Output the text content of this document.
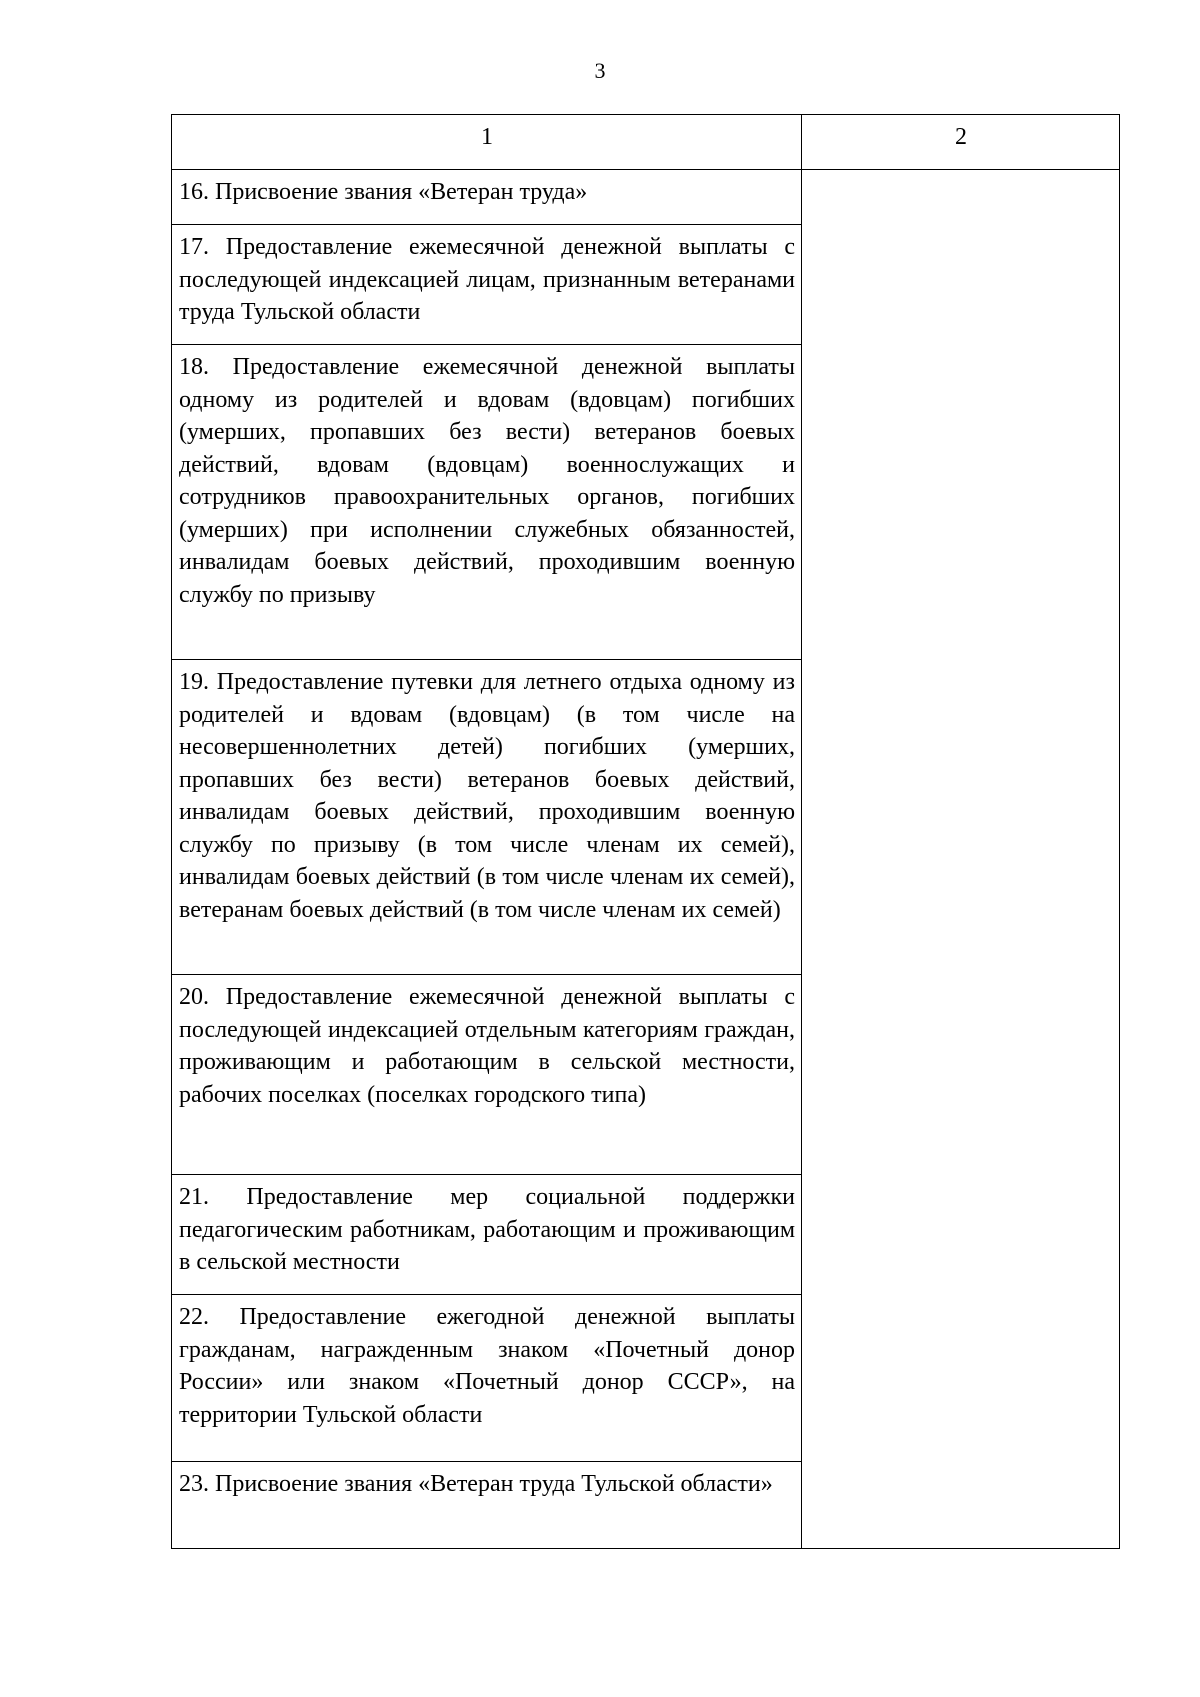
3
1	2

16. Присвоение звания «Ветеран труда»	

17. Предоставление ежемесячной денежной выплаты с последующей индексацией лицам, признанным ветеранами труда Тульской области	

18. Предоставление ежемесячной денежной выплаты одному из родителей и вдовам (вдовцам) погибших (умерших, пропавших без вести) ветеранов боевых действий, вдовам (вдовцам) военнослужащих и сотрудников правоохранительных органов, погибших (умерших) при исполнении служебных обязанностей, инвалидам боевых действий, проходившим военную службу по призыву	

19. Предоставление путевки для летнего отдыха одному из родителей и вдовам (вдовцам) (в том числе на несовершеннолетних детей) погибших (умерших, пропавших без вести) ветеранов боевых действий, инвалидам боевых действий, проходившим военную службу по призыву (в том числе членам их семей), инвалидам боевых действий (в том числе членам их семей), ветеранам боевых действий (в том числе членам их семей)	

20. Предоставление ежемесячной денежной выплаты с последующей индексацией отдельным категориям граждан, проживающим и работающим в сельской местности, рабочих поселках (поселках городского типа)	

21. Предоставление мер социальной поддержки педагогическим работникам, работающим и проживающим в сельской местности	

22. Предоставление ежегодной денежной выплаты гражданам, награжденным знаком «Почетный донор России» или знаком «Почетный донор СССР», на территории Тульской области	

23. Присвоение звания «Ветеран труда Тульской области»	
